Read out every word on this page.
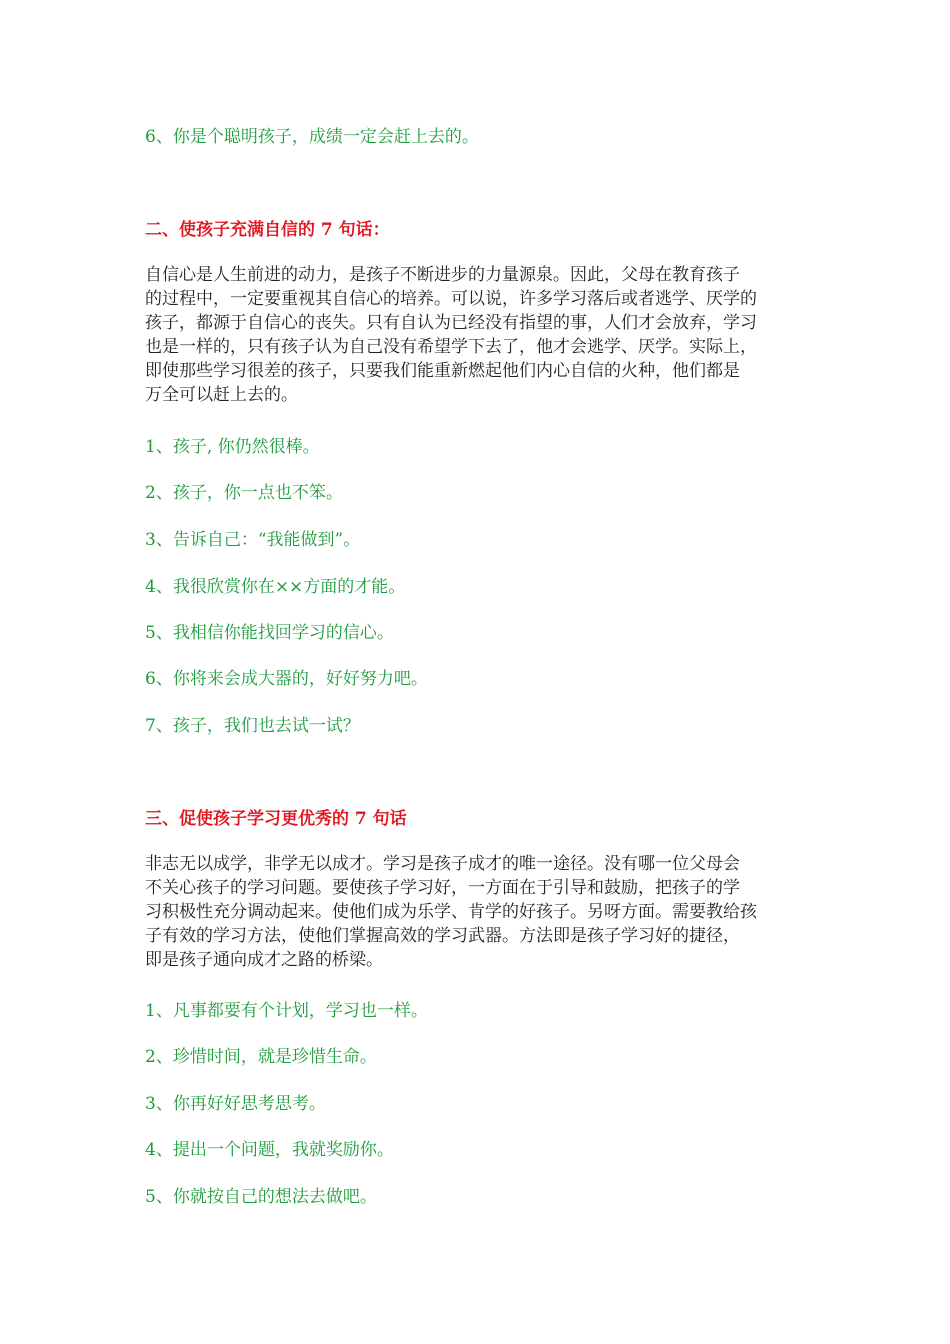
6、你是个聪明孩子，成绩一定会赶上去的。
二、使孩子充满自信的 7 句话：
自信心是人生前进的动力，是孩子不断进步的力量源泉。因此，父母在教育孩子
的过程中，一定要重视其自信心的培养。可以说，许多学习落后或者逃学、厌学的
孩子，都源于自信心的丧失。只有自认为已经没有指望的事，人们才会放弃，学习
也是一样的，只有孩子认为自己没有希望学下去了，他才会逃学、厌学。实际上，
即使那些学习很差的孩子，只要我们能重新燃起他们内心自信的火种，他们都是
万全可以赶上去的。
1、孩子, 你仍然很棒。
2、孩子，你一点也不笨。
3、告诉自己：“我能做到”。
4、我很欣赏你在××方面的才能。
5、我相信你能找回学习的信心。
6、你将来会成大器的，好好努力吧。
7、孩子，我们也去试一试？
三、促使孩子学习更优秀的 7 句话
非志无以成学，非学无以成才。学习是孩子成才的唯一途径。没有哪一位父母会
不关心孩子的学习问题。要使孩子学习好，一方面在于引导和鼓励，把孩子的学
习积极性充分调动起来。使他们成为乐学、肯学的好孩子。另呀方面。需要教给孩
子有效的学习方法，使他们掌握高效的学习武器。方法即是孩子学习好的捷径，
即是孩子通向成才之路的桥梁。
1、凡事都要有个计划，学习也一样。
2、珍惜时间，就是珍惜生命。
3、你再好好思考思考。
4、提出一个问题，我就奖励你。
5、你就按自己的想法去做吧。
